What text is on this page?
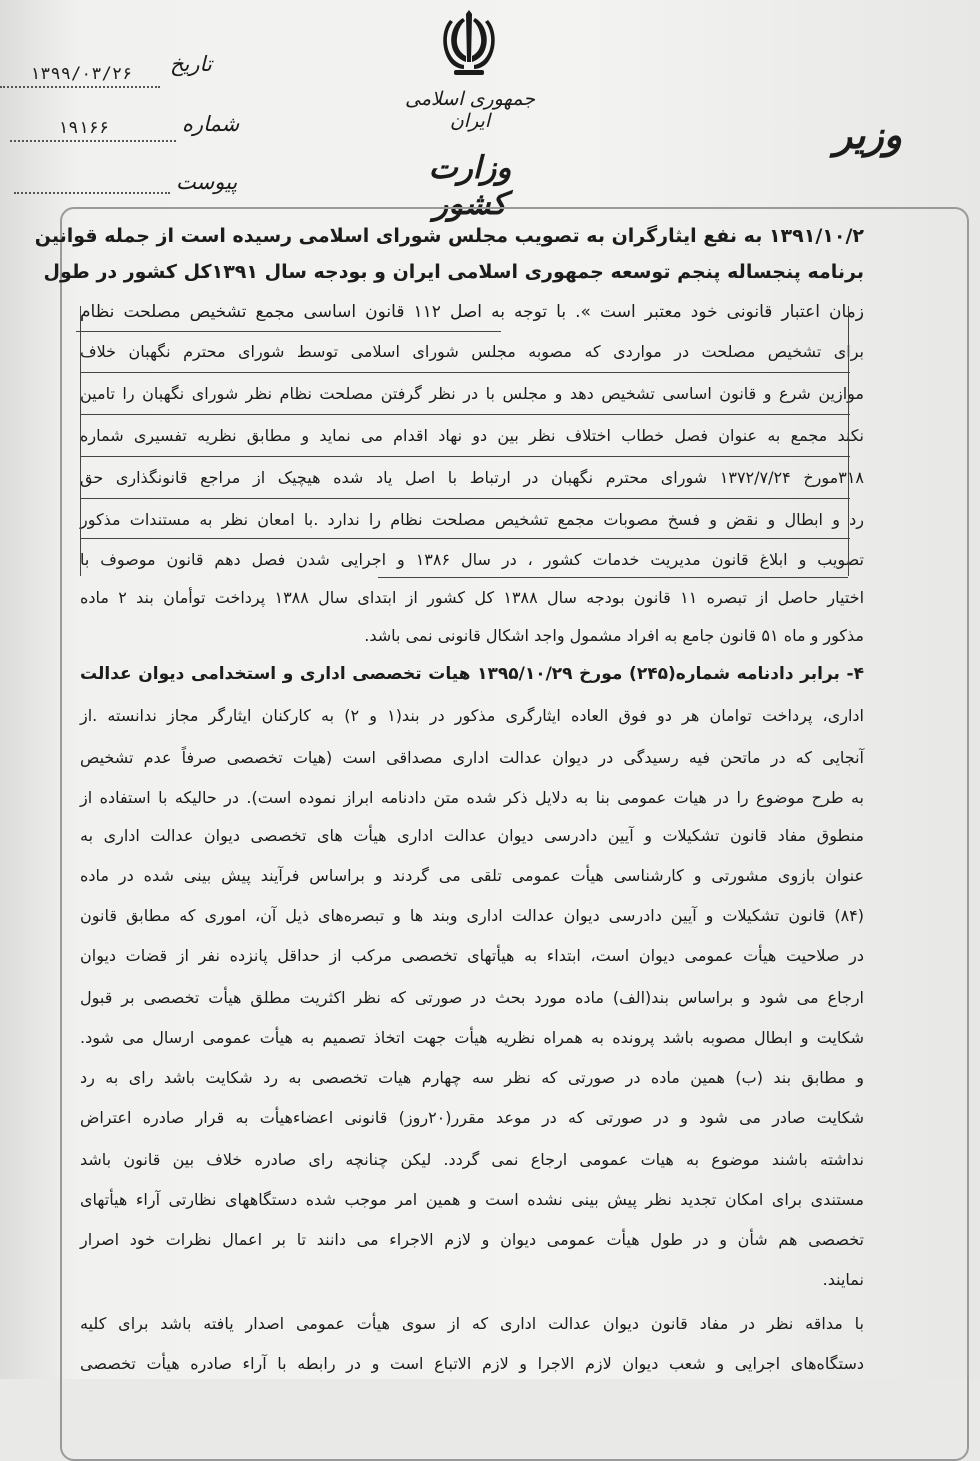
جمهوری اسلامی ایران
وزارت کشور
وزیر
تاریخ
۱۳۹۹/۰۳/۲۶
شماره
۱۹۱۶۶
پیوست
۱۳۹۱/۱۰/۲ به نفع ایثارگران به تصویب مجلس شورای اسلامی رسیده است از جمله قوانین
برنامه پنجساله پنجم توسعه جمهوری اسلامی ایران و بودجه سال ۱۳۹۱کل کشور در طول
زمان اعتبار قانونی خود معتبر است ». با توجه به اصل ۱۱۲ قانون اساسی مجمع تشخیص مصلحت نظام
برای تشخیص مصلحت در مواردی که مصوبه مجلس شورای اسلامی توسط شورای محترم نگهبان خلاف
موازین شرع و قانون اساسی تشخیص دهد و مجلس با در نظر گرفتن مصلحت نظام نظر شورای نگهبان را تامین
نکند مجمع به عنوان فصل خطاب اختلاف نظر بین دو نهاد اقدام می نماید و مطابق نظریه تفسیری شماره
۳۱۸مورخ ۱۳۷۲/۷/۲۴ شورای محترم نگهبان در ارتباط با اصل یاد شده هیچیک از مراجع قانونگذاری حق
رد و ابطال و نقض و فسخ مصوبات مجمع تشخیص مصلحت نظام را ندارد .با امعان نظر به مستندات مذکور
تصویب و ابلاغ قانون مدیریت خدمات کشور ، در سال ۱۳۸۶ و اجرایی شدن فصل دهم قانون موصوف با
اختیار حاصل از تبصره ۱۱ قانون بودجه سال ۱۳۸۸ کل کشور از ابتدای سال ۱۳۸۸ پرداخت توأمان بند ۲ ماده
مذکور و ماه ۵۱ قانون جامع به افراد مشمول واجد اشکال قانونی نمی باشد.
۴- برابر دادنامه شماره(۲۴۵) مورخ ۱۳۹۵/۱۰/۲۹ هیات تخصصی اداری و استخدامی دیوان عدالت
اداری، پرداخت توامان هر دو فوق العاده ایثارگری مذکور در بند(۱ و ۲) به کارکنان ایثارگر مجاز ندانسته .از
آنجایی که در ماتحن فیه رسیدگی در دیوان عدالت اداری مصداقی است (هیات تخصصی صرفاً عدم تشخیص
به طرح موضوع را در هیات عمومی بنا به دلایل ذکر شده متن دادنامه ابراز نموده است). در حالیکه با استفاده از
منطوق مفاد قانون تشکیلات و آیین دادرسی دیوان عدالت اداری هیأت های تخصصی دیوان عدالت اداری به
عنوان بازوی مشورتی و کارشناسی هیأت عمومی تلقی می گردند و براساس فرآیند پیش بینی شده در ماده
(۸۴) قانون تشکیلات و آیین دادرسی دیوان عدالت اداری وبند ها و تبصره‌های ذیل آن، اموری که مطابق قانون
در صلاحیت هیأت عمومی دیوان است، ابتداء به هیأتهای تخصصی مرکب از حداقل پانزده نفر از قضات دیوان
ارجاع می شود و براساس بند(الف) ماده مورد بحث در صورتی که نظر اکثریت مطلق هیأت تخصصی بر قبول
شکایت و ابطال مصوبه باشد پرونده به همراه نظریه هیأت جهت اتخاذ تصمیم به هیأت عمومی ارسال می شود.
و مطابق بند (ب) همین ماده در صورتی که نظر سه چهارم هیات تخصصی به رد شکایت باشد رای به رد
شکایت صادر می شود و در صورتی که در موعد مقرر(۲۰روز) قانونی اعضاءهیأت به قرار صادره اعتراض
نداشته باشند موضوع به هیات عمومی ارجاع نمی گردد. لیکن چنانچه رای صادره خلاف بین قانون باشد
مستندی برای امکان تجدید نظر پیش بینی نشده است و همین امر موجب شده دستگاههای نظارتی آراء هیأتهای
تخصصی هم شأن و در طول هیأت عمومی دیوان و لازم الاجراء می دانند تا بر اعمال نظرات خود اصرار
نمایند.
با مداقه نظر در مفاد قانون دیوان عدالت اداری که از سوی هیأت عمومی اصدار یافته باشد برای کلیه
دستگاه‌های اجرایی و شعب دیوان لازم الاجرا و لازم الاتباع است و در رابطه با آراء صادره هیأت تخصصی
